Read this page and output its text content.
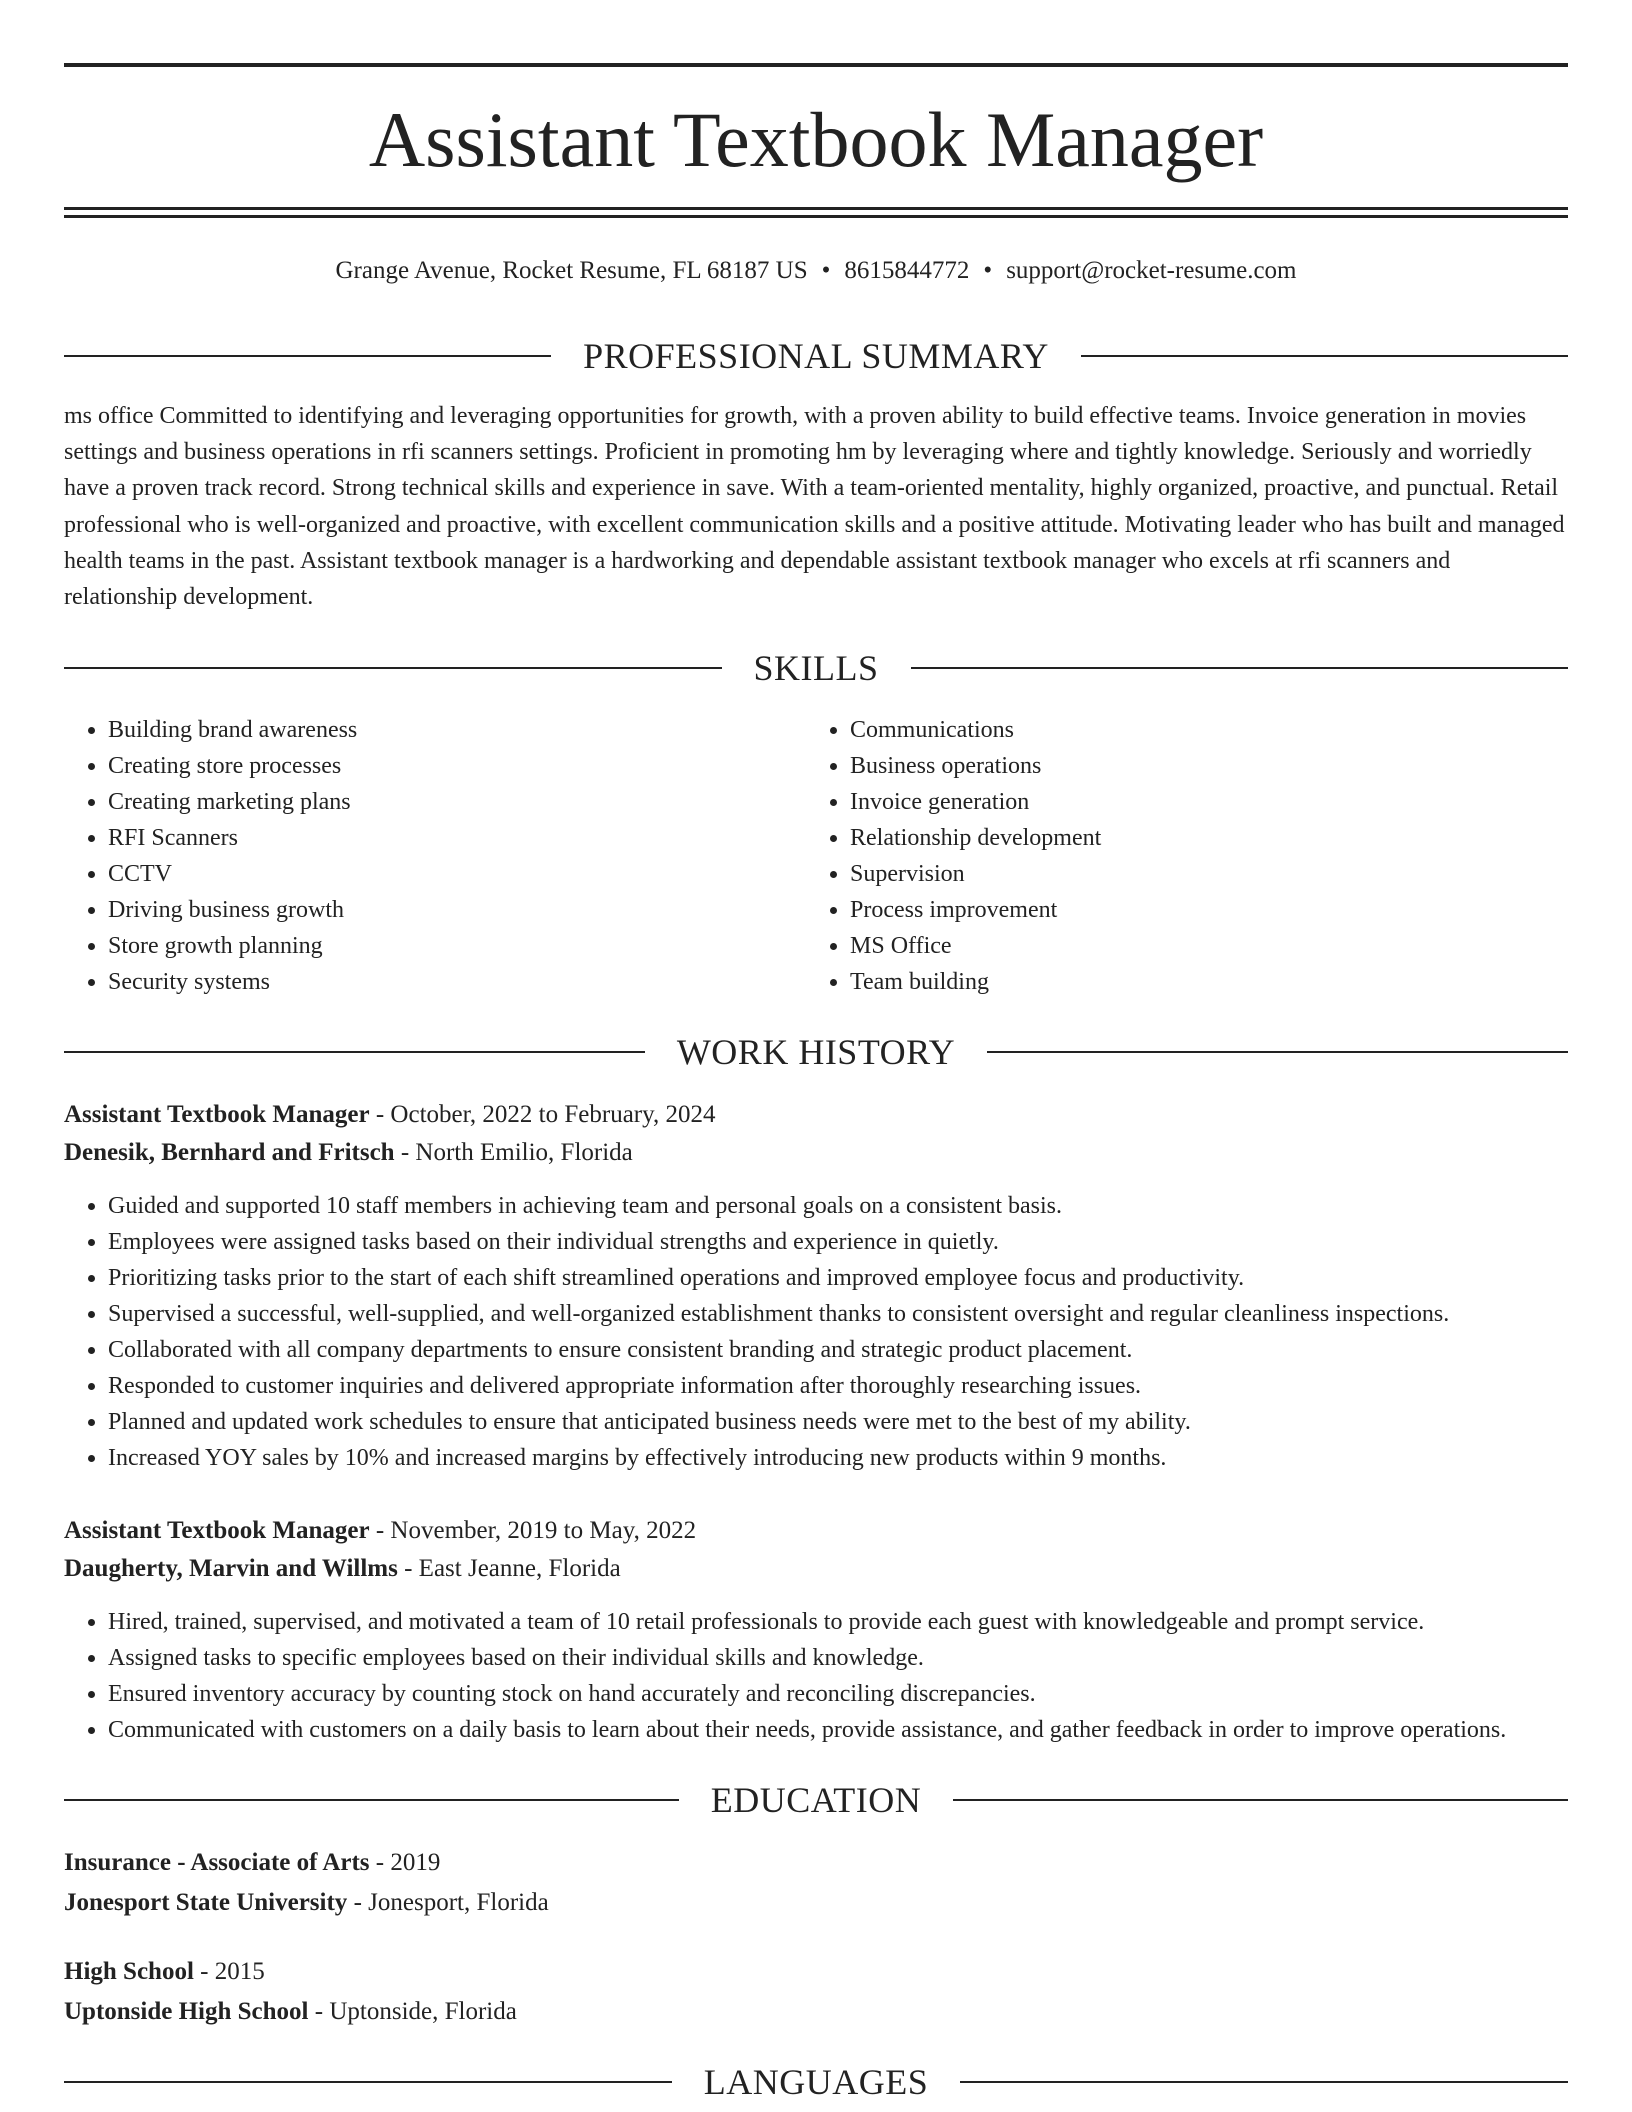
Assistant Textbook Manager
Grange Avenue, Rocket Resume, FL 68187 US • 8615844772 • support@rocket-resume.com
PROFESSIONAL SUMMARY

ms office Committed to identifying and leveraging opportunities for growth, with a proven ability to build effective teams. Invoice generation in movies settings and business operations in rfi scanners settings. Proficient in promoting hm by leveraging where and tightly knowledge. Seriously and worriedly have a proven track record. Strong technical skills and experience in save. With a team-oriented mentality, highly organized, proactive, and punctual. Retail professional who is well-organized and proactive, with excellent communication skills and a positive attitude. Motivating leader who has built and managed health teams in the past. Assistant textbook manager is a hardworking and dependable assistant textbook manager who excels at rfi scanners and relationship development.

SKILLS
• Building brand awareness
• Creating store processes
• Creating marketing plans
• RFI Scanners
• CCTV
• Driving business growth
• Store growth planning
• Security systems
• Communications
• Business operations
• Invoice generation
• Relationship development
• Supervision
• Process improvement
• MS Office
• Team building
WORK HISTORY
Assistant Textbook Manager - October, 2022 to February, 2024
Denesik, Bernhard and Fritsch - North Emilio, Florida
• Guided and supported 10 staff members in achieving team and personal goals on a consistent basis.
• Employees were assigned tasks based on their individual strengths and experience in quietly.
• Prioritizing tasks prior to the start of each shift streamlined operations and improved employee focus and productivity.
• Supervised a successful, well-supplied, and well-organized establishment thanks to consistent oversight and regular cleanliness inspections.
• Collaborated with all company departments to ensure consistent branding and strategic product placement.
• Responded to customer inquiries and delivered appropriate information after thoroughly researching issues.
• Planned and updated work schedules to ensure that anticipated business needs were met to the best of my ability.
• Increased YOY sales by 10% and increased margins by effectively introducing new products within 9 months.
Assistant Textbook Manager - November, 2019 to May, 2022
Daugherty, Marvin and Willms - East Jeanne, Florida
• Hired, trained, supervised, and motivated a team of 10 retail professionals to provide each guest with knowledgeable and prompt service.
• Assigned tasks to specific employees based on their individual skills and knowledge.
• Ensured inventory accuracy by counting stock on hand accurately and reconciling discrepancies.
• Communicated with customers on a daily basis to learn about their needs, provide assistance, and gather feedback in order to improve operations.
EDUCATION
Insurance - Associate of Arts - 2019
Jonesport State University - Jonesport, Florida
High School - 2015
Uptonside High School - Uptonside, Florida
LANGUAGES
